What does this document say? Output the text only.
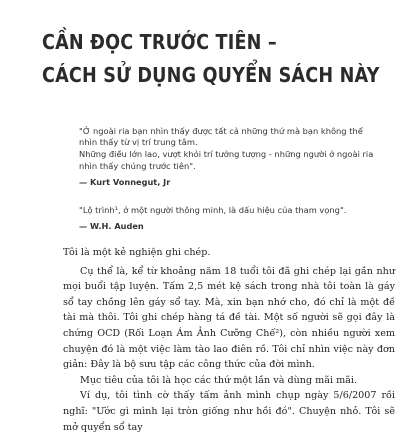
CẦN ĐỌC TRƯỚC TIÊN –
CÁCH SỬ DỤNG QUYỂN SÁCH NÀY

"Ở ngoài ria bạn nhìn thấy được tất cả những thứ mà bạn không thể nhìn thấy từ vị trí trung tâm.

Những điều lớn lao, vượt khỏi trí tưởng tượng - những người ở ngoài ria nhìn thấy chúng trước tiên".

— Kurt Vonnegut, Jr

"Lộ trình¹, ở một người thông minh, là dấu hiệu của tham vọng".

— W.H. Auden

Tôi là một kẻ nghiện ghi chép.

Cụ thể là, kể từ khoảng năm 18 tuổi tôi đã ghi chép lại gần như mọi buổi tập luyện. Tấm 2,5 mét kệ sách trong nhà tôi toàn là gáy sổ tay chồng lên gáy sổ tay. Mà, xin bạn nhớ cho, đó chỉ là một đề tài mà thôi. Tôi ghi chép hàng tá đề tài. Một số người sẽ gọi đây là chứng OCD (Rối Loạn Ám Ảnh Cưỡng Chế²), còn nhiều người xem chuyện đó là một việc làm tào lao điên rồ. Tôi chỉ nhìn việc này đơn giản: Đây là bộ sưu tập các công thức của đời mình.

Mục tiêu của tôi là học các thứ một lần và dùng mãi mãi.

Ví dụ, tôi tình cờ thấy tấm ảnh mình chụp ngày 5/6/2007 rồi nghĩ: "Ước gì mình lại tròn giống như hồi đó". Chuyện nhỏ. Tôi sẽ mở quyển sổ tay
